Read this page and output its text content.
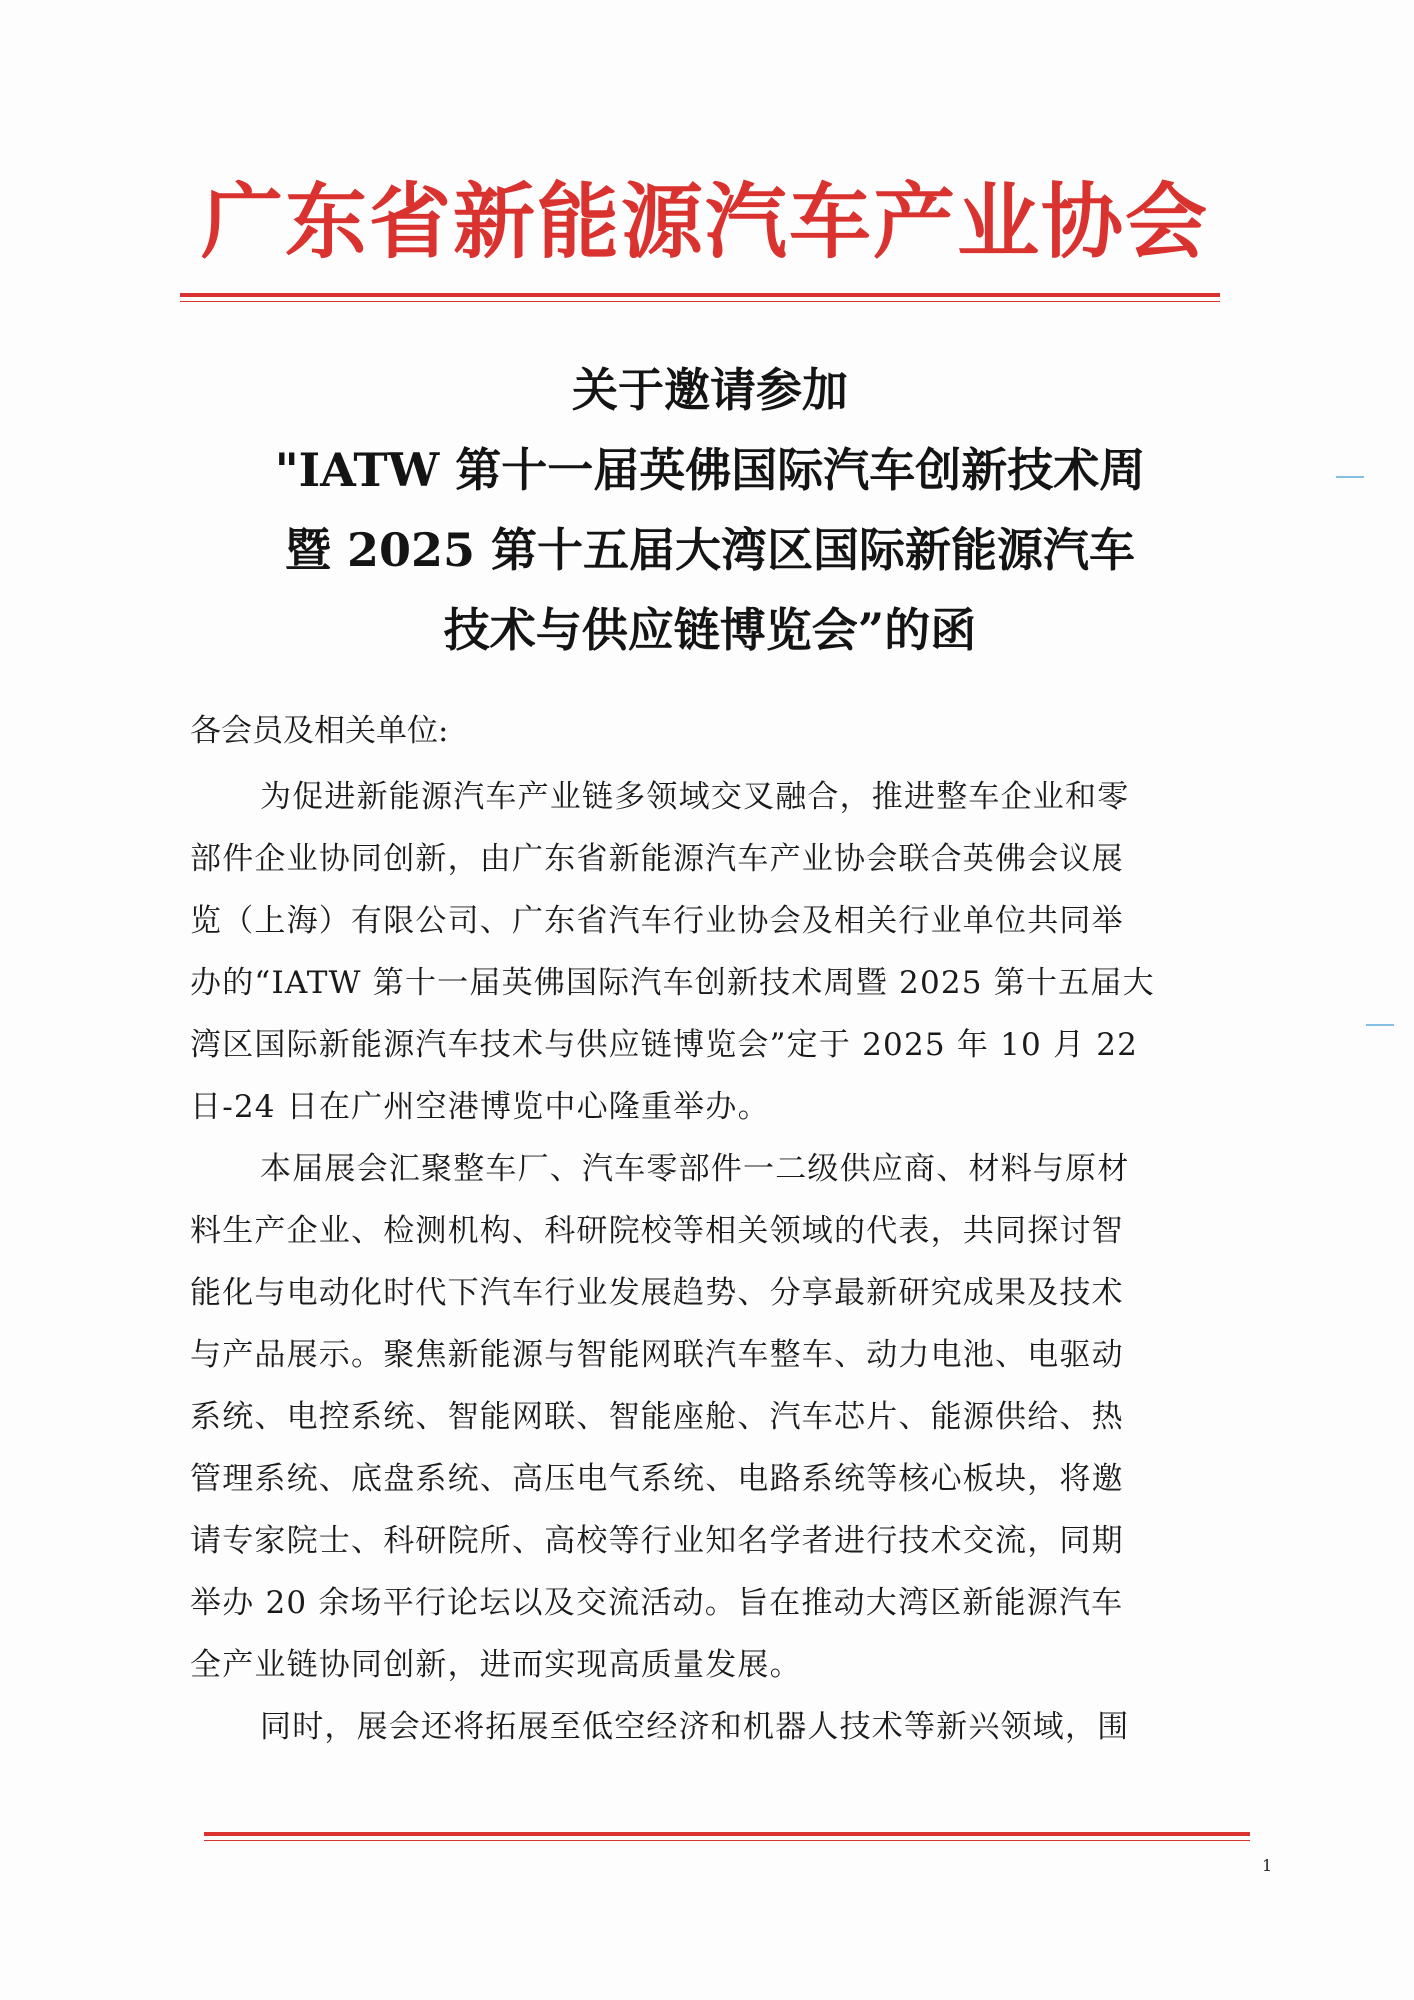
广东省新能源汽车产业协会
关于邀请参加
"IATW 第十一届英佛国际汽车创新技术周
暨 2025 第十五届大湾区国际新能源汽车
技术与供应链博览会”的函
各会员及相关单位:
为促进新能源汽车产业链多领域交叉融合，推进整车企业和零
部件企业协同创新，由广东省新能源汽车产业协会联合英佛会议展
览（上海）有限公司、广东省汽车行业协会及相关行业单位共同举
办的“IATW 第十一届英佛国际汽车创新技术周暨 2025 第十五届大
湾区国际新能源汽车技术与供应链博览会”定于 2025 年 10 月 22
日-24 日在广州空港博览中心隆重举办。
本届展会汇聚整车厂、汽车零部件一二级供应商、材料与原材
料生产企业、检测机构、科研院校等相关领域的代表，共同探讨智
能化与电动化时代下汽车行业发展趋势、分享最新研究成果及技术
与产品展示。聚焦新能源与智能网联汽车整车、动力电池、电驱动
系统、电控系统、智能网联、智能座舱、汽车芯片、能源供给、热
管理系统、底盘系统、高压电气系统、电路系统等核心板块，将邀
请专家院士、科研院所、高校等行业知名学者进行技术交流，同期
举办 20 余场平行论坛以及交流活动。旨在推动大湾区新能源汽车
全产业链协同创新，进而实现高质量发展。
同时，展会还将拓展至低空经济和机器人技术等新兴领域，围
1
